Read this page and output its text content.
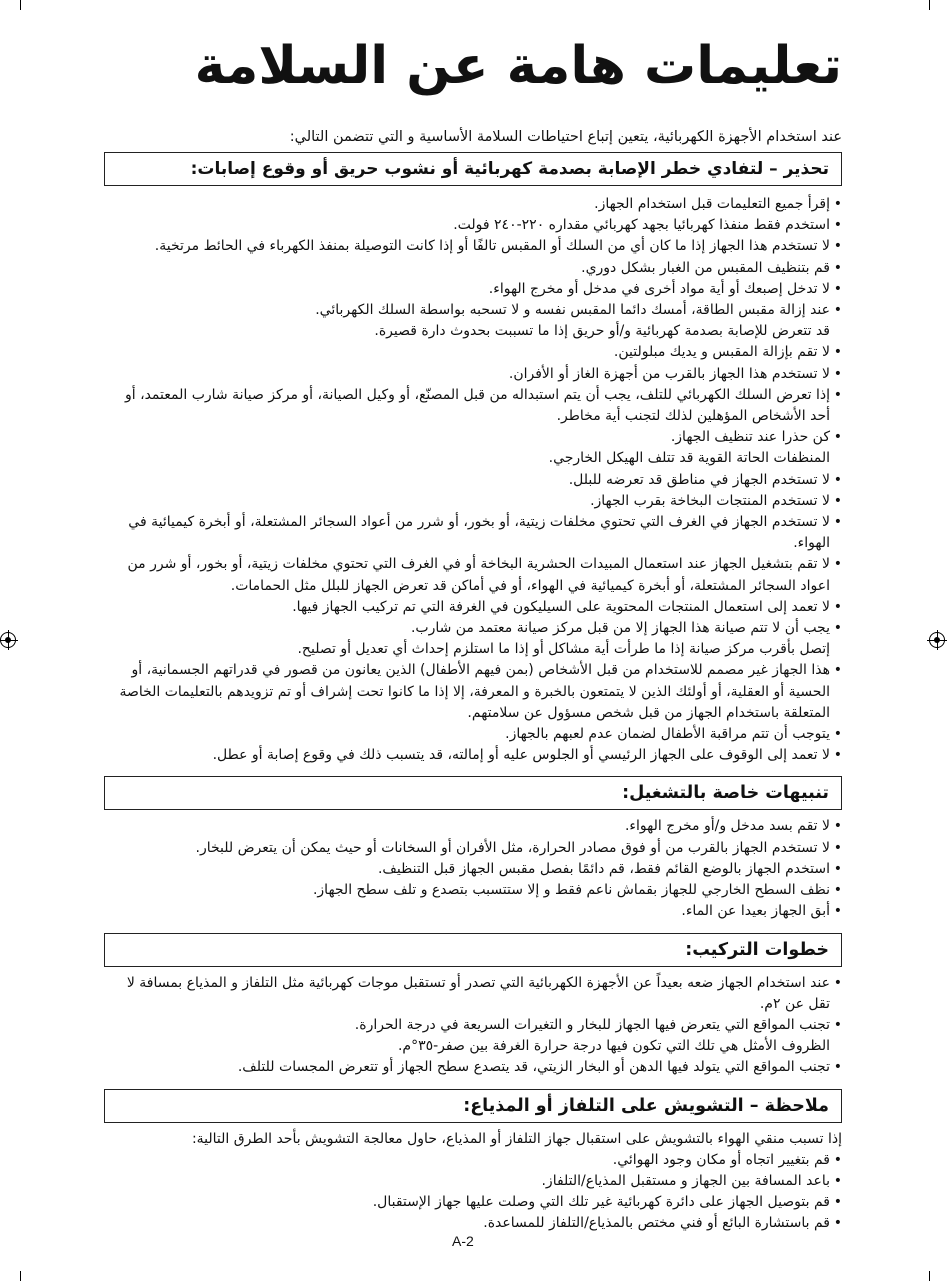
تعليمات هامة عن السلامة

عند استخدام الأجهزة الكهربائية، يتعين إتباع احتياطات السلامة الأساسية و التي تتضمن التالي:

تحذير – لتفادي خطر الإصابة بصدمة كهربائية أو نشوب حريق أو وقوع إصابات:
• إقرأ جميع التعليمات قبل استخدام الجهاز.
• استخدم فقط منفذا كهربائيا بجهد كهربائي مقداره ٢٢٠-٢٤٠ فولت.
• لا تستخدم هذا الجهاز إذا ما كان أي من السلك أو المقبس تالفًا أو إذا كانت التوصيلة بمنفذ الكهرباء في الحائط مرتخية.
• قم بتنظيف المقبس من الغبار بشكل دوري.
• لا تدخل إصبعك أو أية مواد أخرى في مدخل أو مخرج الهواء.
• عند إزالة مقبس الطاقة، أمسك دائما المقبس نفسه و لا تسحبه بواسطة السلك الكهربائي.
قد تتعرض للإصابة بصدمة كهربائية و/أو حريق إذا ما تسببت بحدوث دارة قصيرة.
• لا تقم بإزالة المقبس و يديك مبلولتين.
• لا تستخدم هذا الجهاز بالقرب من أجهزة الغاز أو الأفران.
• إذا تعرض السلك الكهربائي للتلف، يجب أن يتم استبداله من قبل المصنّع، أو وكيل الصيانة، أو مركز صيانة شارب المعتمد، أو أحد الأشخاص المؤهلين لذلك لتجنب أية مخاطر.
• كن حذرا عند تنظيف الجهاز.
المنظفات الحاتة القوية قد تتلف الهيكل الخارجي.
• لا تستخدم الجهاز في مناطق قد تعرضه للبلل.
• لا تستخدم المنتجات البخاخة بقرب الجهاز.
• لا تستخدم الجهاز في الغرف التي تحتوي مخلفات زيتية، أو بخور، أو شرر من أعواد السجائر المشتعلة، أو أبخرة كيميائية في الهواء.
• لا تقم بتشغيل الجهاز عند استعمال المبيدات الحشرية البخاخة أو في الغرف التي تحتوي مخلفات زيتية، أو بخور، أو شرر من اعواد السجائر المشتعلة، أو أبخرة كيميائية في الهواء، أو في أماكن قد تعرض الجهاز للبلل مثل الحمامات.
• لا تعمد إلى استعمال المنتجات المحتوية على السيليكون في الغرفة التي تم تركيب الجهاز فيها.
• يجب أن لا تتم صيانة هذا الجهاز إلا من قبل مركز صيانة معتمد من شارب.
إتصل بأقرب مركز صيانة إذا ما طرأت أية مشاكل أو إذا ما استلزم إحداث أي تعديل أو تصليح.
• هذا الجهاز غير مصمم للاستخدام من قبل الأشخاص (بمن فيهم الأطفال) الذين يعانون من قصور في قدراتهم الجسمانية، أو الحسية أو العقلية، أو أولئك الذين لا يتمتعون بالخبرة و المعرفة، إلا إذا ما كانوا تحت إشراف أو تم تزويدهم بالتعليمات الخاصة المتعلقة باستخدام الجهاز من قبل شخص مسؤول عن سلامتهم.
• يتوجب أن تتم مراقبة الأطفال لضمان عدم لعبهم بالجهاز.
• لا تعمد إلى الوقوف على الجهاز الرئيسي أو الجلوس عليه أو إمالته، قد يتسبب ذلك في وقوع إصابة أو عطل.
تنبيهات خاصة بالتشغيل:
• لا تقم بسد مدخل و/أو مخرج الهواء.
• لا تستخدم الجهاز بالقرب من أو فوق مصادر الحرارة، مثل الأفران أو السخانات أو حيث يمكن أن يتعرض للبخار.
• استخدم الجهاز بالوضع القائم فقط، قم دائمًا بفصل مقبس الجهاز قبل التنظيف.
• نظف السطح الخارجي للجهاز بقماش ناعم فقط و إلا ستتسبب بتصدع و تلف سطح الجهاز.
• أبق الجهاز بعيدا عن الماء.
خطوات التركيب:
• عند استخدام الجهاز ضعه بعيداً عن الأجهزة الكهربائية التي تصدر أو تستقبل موجات كهربائية مثل التلفاز و المذياع بمسافة لا تقل عن ٢م.
• تجنب المواقع التي يتعرض فيها الجهاز للبخار و التغيرات السريعة في درجة الحرارة.
الظروف الأمثل هي تلك التي تكون فيها درجة حرارة الغرفة بين صفر-٣٥°م.
• تجنب المواقع التي يتولد فيها الدهن أو البخار الزيتي، قد يتصدع سطح الجهاز أو تتعرض المجسات للتلف.
ملاحظة – التشويش على التلفاز أو المذياع:

إذا تسبب منقي الهواء بالتشويش على استقبال جهاز التلفاز أو المذياع، حاول معالجة التشويش بأحد الطرق التالية:

• قم بتغيير اتجاه أو مكان وجود الهوائي.
• باعد المسافة بين الجهاز و مستقبل المذياع/التلفاز.
• قم بتوصيل الجهاز على دائرة كهربائية غير تلك التي وصلت عليها جهاز الإستقبال.
• قم باستشارة البائع أو فني مختص بالمذياع/التلفاز للمساعدة.
A-2
